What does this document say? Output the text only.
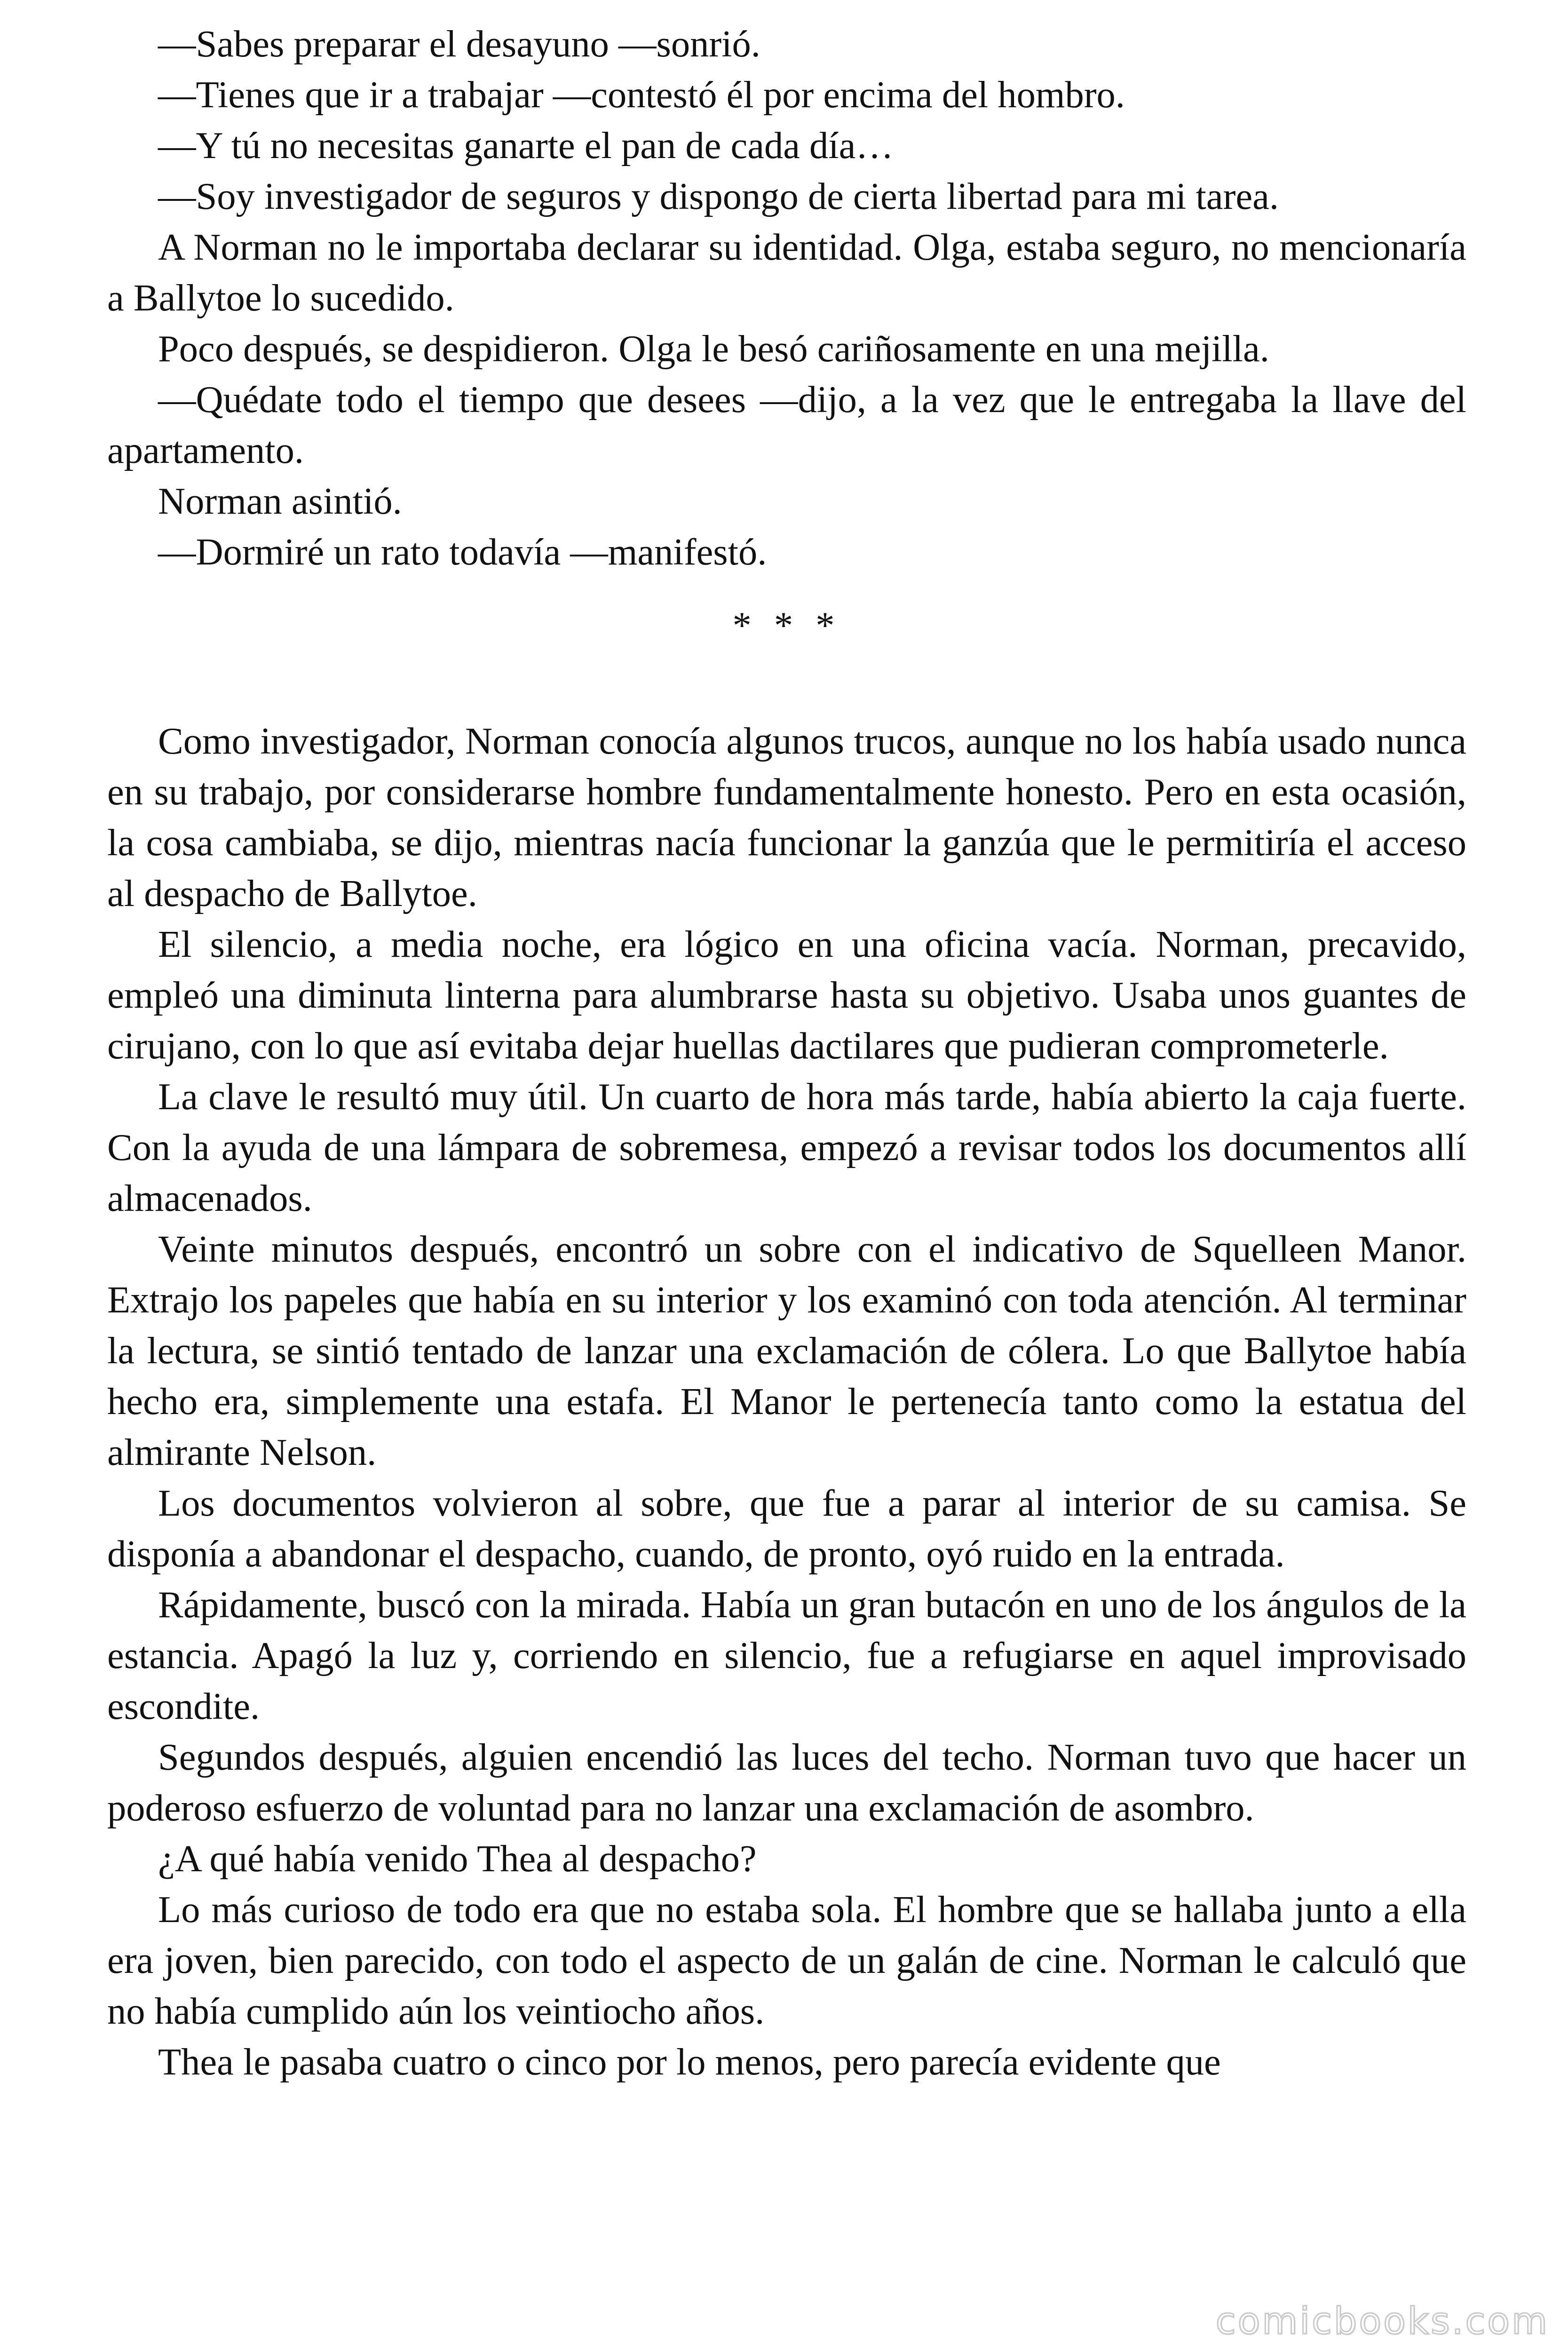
—Sabes preparar el desayuno —sonrió.

—Tienes que ir a trabajar —contestó él por encima del hombro.

—Y tú no necesitas ganarte el pan de cada día…

—Soy investigador de seguros y dispongo de cierta libertad para mi tarea.

A Norman no le importaba declarar su identidad. Olga, estaba seguro, no mencionaría a Ballytoe lo sucedido.

Poco después, se despidieron. Olga le besó cariñosamente en una mejilla.

—Quédate todo el tiempo que desees —dijo, a la vez que le entregaba la llave del apartamento.

Norman asintió.

—Dormiré un rato todavía —manifestó.

* * *

Como investigador, Norman conocía algunos trucos, aunque no los había usado nunca en su trabajo, por considerarse hombre fundamentalmente honesto. Pero en esta ocasión, la cosa cambiaba, se dijo, mientras nacía funcionar la ganzúa que le permitiría el acceso al despacho de Ballytoe.

El silencio, a media noche, era lógico en una oficina vacía. Norman, precavido, empleó una diminuta linterna para alumbrarse hasta su objetivo. Usaba unos guantes de cirujano, con lo que así evitaba dejar huellas dactilares que pudieran comprometerle.

La clave le resultó muy útil. Un cuarto de hora más tarde, había abierto la caja fuerte. Con la ayuda de una lámpara de sobremesa, empezó a revisar todos los documentos allí almacenados.

Veinte minutos después, encontró un sobre con el indicativo de Squelleen Manor. Extrajo los papeles que había en su interior y los examinó con toda atención. Al terminar la lectura, se sintió tentado de lanzar una exclamación de cólera. Lo que Ballytoe había hecho era, simplemente una estafa. El Manor le pertenecía tanto como la estatua del almirante Nelson.

Los documentos volvieron al sobre, que fue a parar al interior de su camisa. Se disponía a abandonar el despacho, cuando, de pronto, oyó ruido en la entrada.

Rápidamente, buscó con la mirada. Había un gran butacón en uno de los ángulos de la estancia. Apagó la luz y, corriendo en silencio, fue a refugiarse en aquel improvisado escondite.

Segundos después, alguien encendió las luces del techo. Norman tuvo que hacer un poderoso esfuerzo de voluntad para no lanzar una exclamación de asombro.

¿A qué había venido Thea al despacho?

Lo más curioso de todo era que no estaba sola. El hombre que se hallaba junto a ella era joven, bien parecido, con todo el aspecto de un galán de cine. Norman le calculó que no había cumplido aún los veintiocho años.

Thea le pasaba cuatro o cinco por lo menos, pero parecía evidente que

comicbooks.com
